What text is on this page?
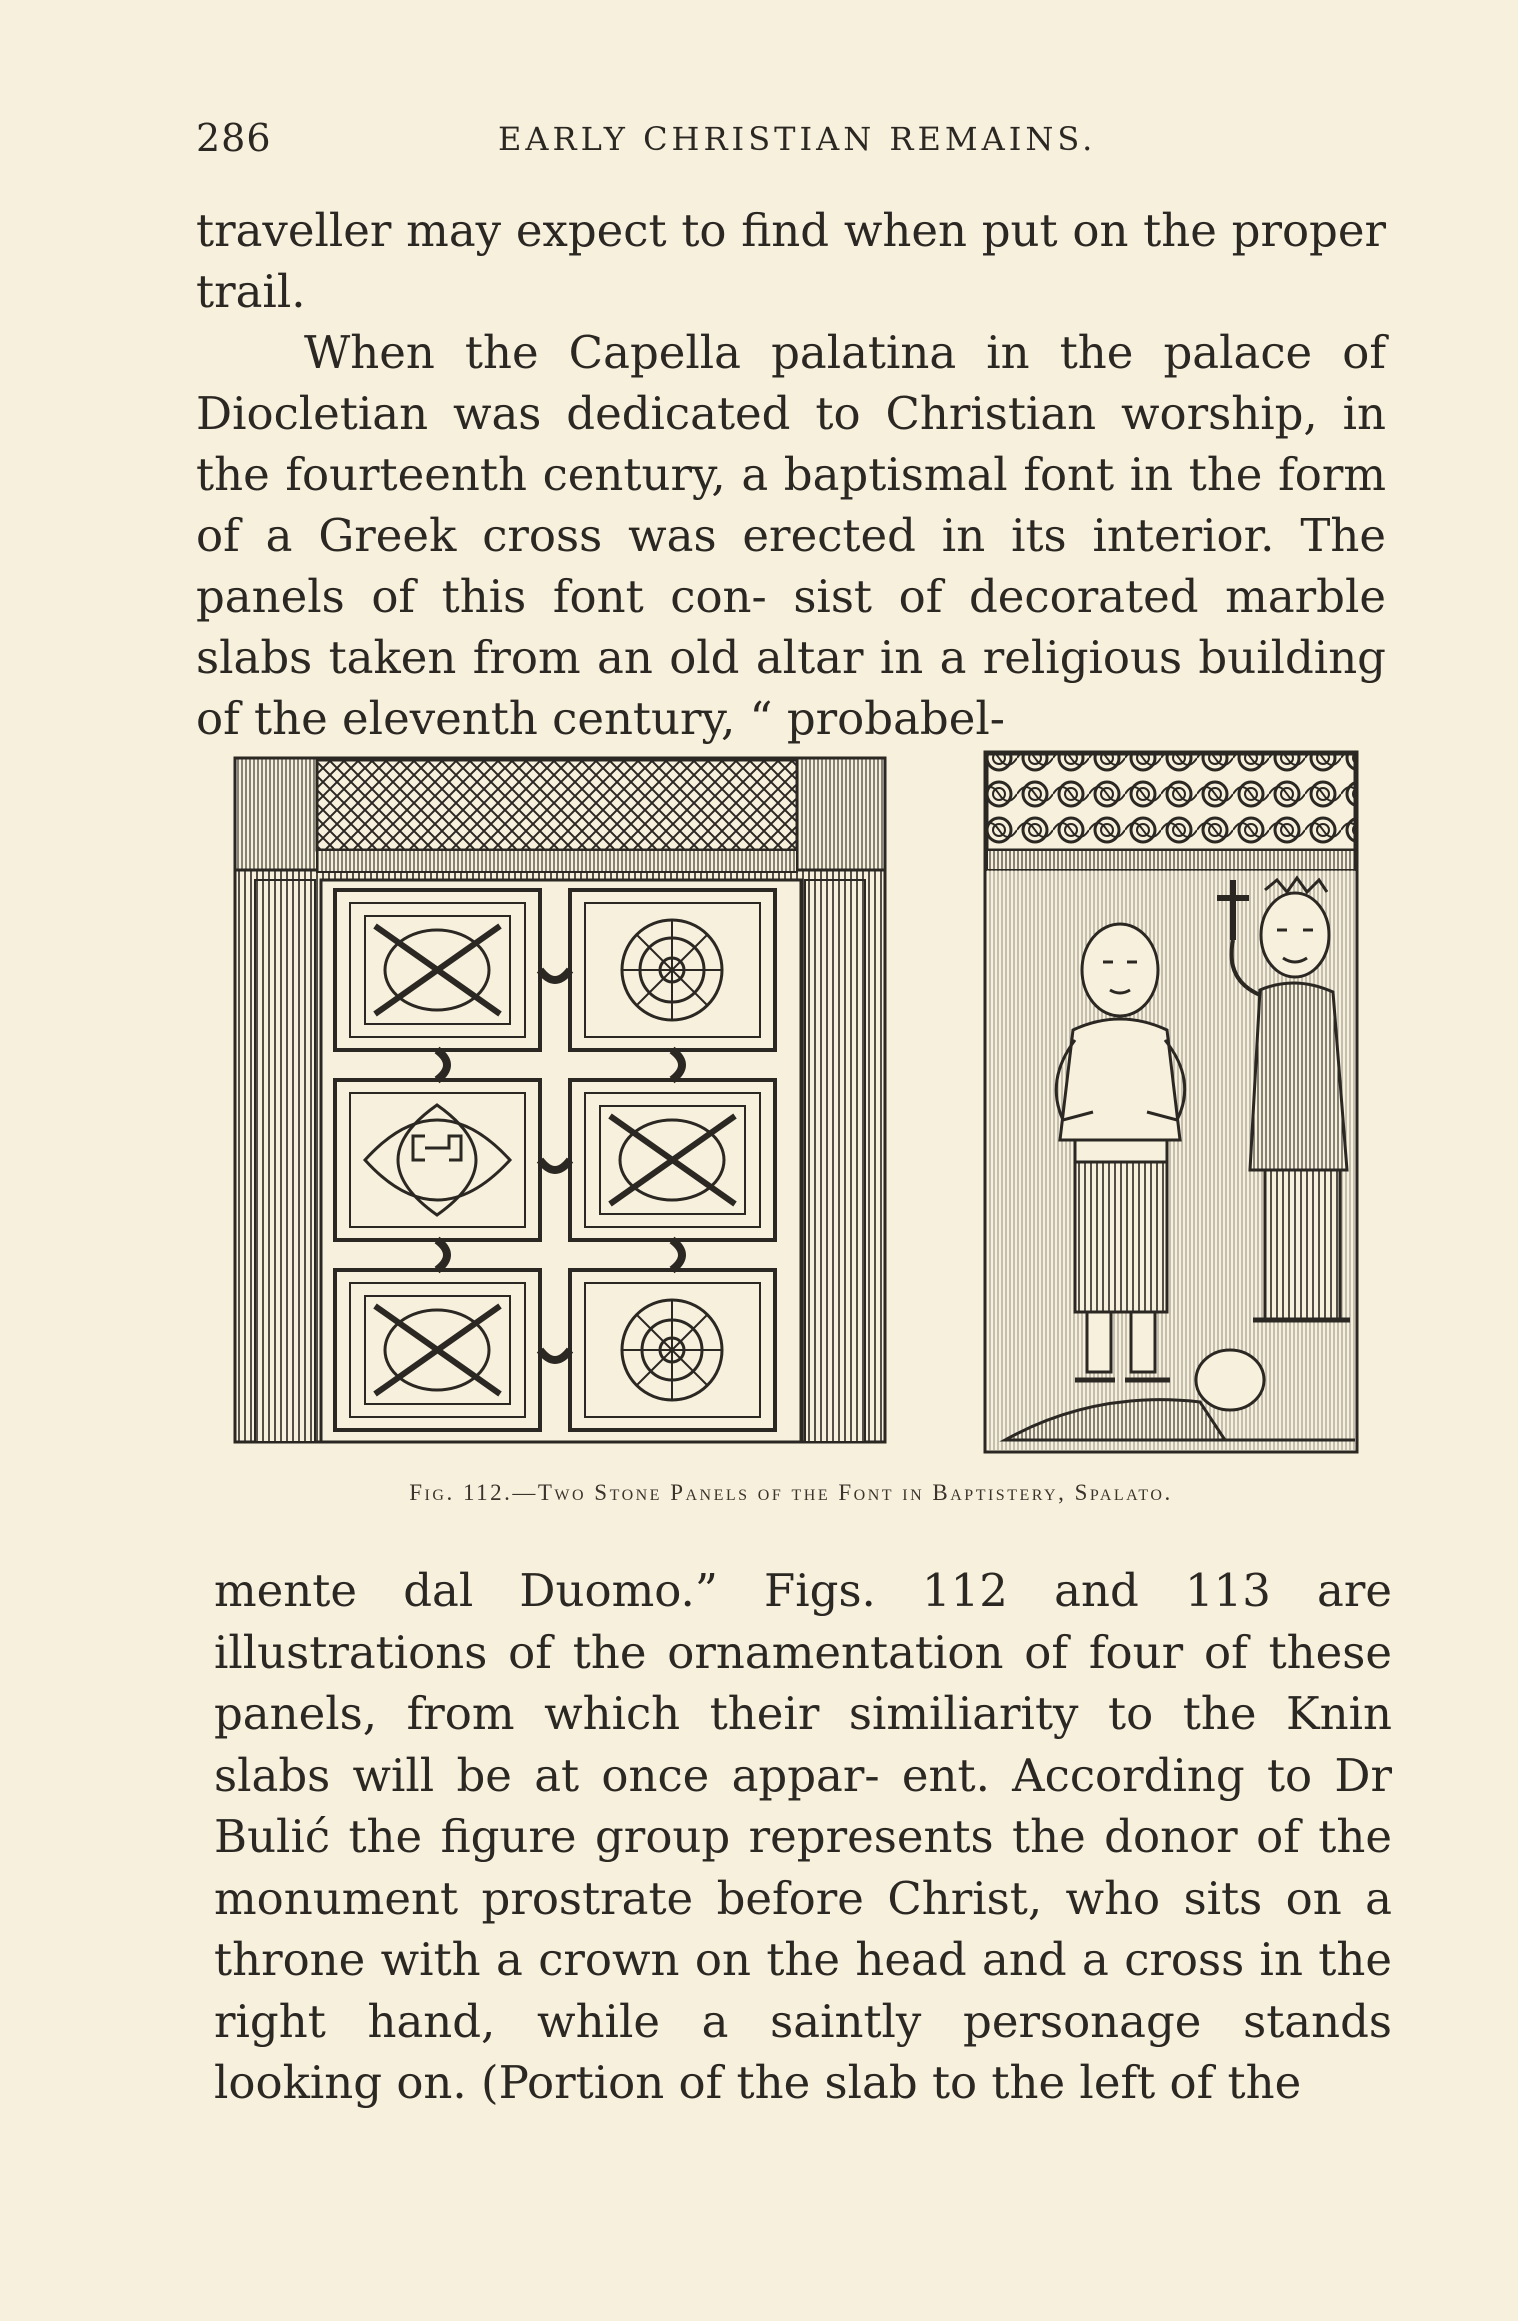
286	EARLY CHRISTIAN REMAINS.

traveller may expect to find when put on the proper trail.

When the Capella palatina in the palace of Diocletian was dedicated to Christian worship, in the fourteenth century, a baptismal font in the form of a Greek cross was erected in its interior. The panels of this font con- sist of decorated marble slabs taken from an old altar in a religious building of the eleventh century, “ probabel-

Fig. 112.—Two Stone Panels of the Font in Baptistery, Spalato.

mente dal Duomo.” Figs. 112 and 113 are illustrations of the ornamentation of four of these panels, from which their similiarity to the Knin slabs will be at once appar- ent. According to Dr Bulić the figure group represents the donor of the monument prostrate before Christ, who sits on a throne with a crown on the head and a cross in the right hand, while a saintly personage stands looking on. (Portion of the slab to the left of the
